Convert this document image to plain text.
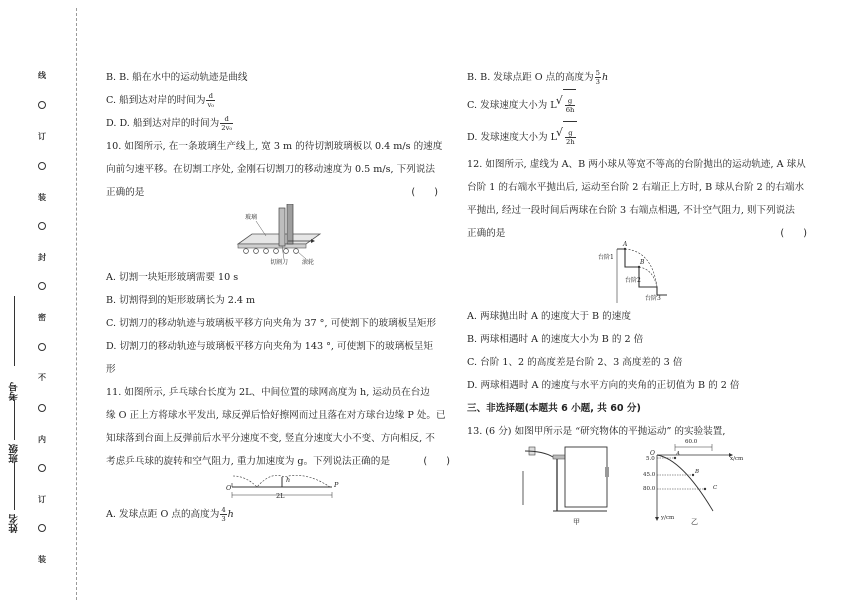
线
订
装
封
密
不
内
订
装
考号
班级
姓名
B. B. 船在水中的运动轨迹是曲线
C. 船到达对岸的时间为 $\frac{d}{\text{v₀}}$
D. D. 船到达对岸的时间为 $\frac{d}{\text{2v₀}}$
10. 如图所示, 在一条玻璃生产线上, 宽 3 m 的待切割玻璃板以 0.4 m/s 的速度
向前匀速平移。在切割工序处, 金刚石切割刀的移动速度为 0.5 m/s, 下列说法
正确的是	(　　)
玻璃
切割刀 滚轮
A. 切割一块矩形玻璃需要 10 s
B. 切割得到的矩形玻璃长为 2.4 m
C. 切割刀的移动轨迹与玻璃板平移方向夹角为 37 °, 可使割下的玻璃板呈矩形
D. 切割刀的移动轨迹与玻璃板平移方向夹角为 143 °, 可使割下的玻璃板呈矩
形
11. 如图所示, 乒乓球台长度为 2L、中间位置的球网高度为 h, 运动员在台边
缘 O 正上方将球水平发出, 球反弹后恰好擦网而过且落在对方球台边缘 P 处。已
知球落到台面上反弹前后水平分速度不变, 竖直分速度大小不变、方向相反, 不
考虑乒乓球的旋转和空气阻力, 重力加速度为 g。下列说法正确的是	(　　)
O	P
h
2L
A. 发球点距 O 点的高度为 $\frac{4}{3}$ h
B. B. 发球点距 O 点的高度为 $\frac{5}{3}$ h
C. 发球速度大小为 L √ $\frac{g}{6h}$
D. 发球速度大小为 L √ $\frac{g}{2h}$
12. 如图所示, 虚线为 A、B 两小球从等宽不等高的台阶抛出的运动轨迹, A 球从
台阶 1 的右端水平抛出后, 运动至台阶 2 右端正上方时, B 球从台阶 2 的右端水
平抛出, 经过一段时间后两球在台阶 3 右端点相遇, 不计空气阻力, 则下列说法
正确的是	(　　)
台阶1
台阶2
台阶3
A
B
A. 两球抛出时 A 的速度大于 B 的速度
B. 两球相遇时 A 的速度大小为 B 的 2 倍
C. 台阶 1、2 的高度差是台阶 2、3 高度差的 3 倍
D. 两球相遇时 A 的速度与水平方向的夹角的正切值为 B 的 2 倍
三、非选择题(本题共 6 小题, 共 60 分)
13. (6 分) 如图甲所示是 “研究物体的平抛运动” 的实验装置,
甲	乙
x/cm
y/cm
O	A
B
C
60.0
5.0
45.0
80.0
